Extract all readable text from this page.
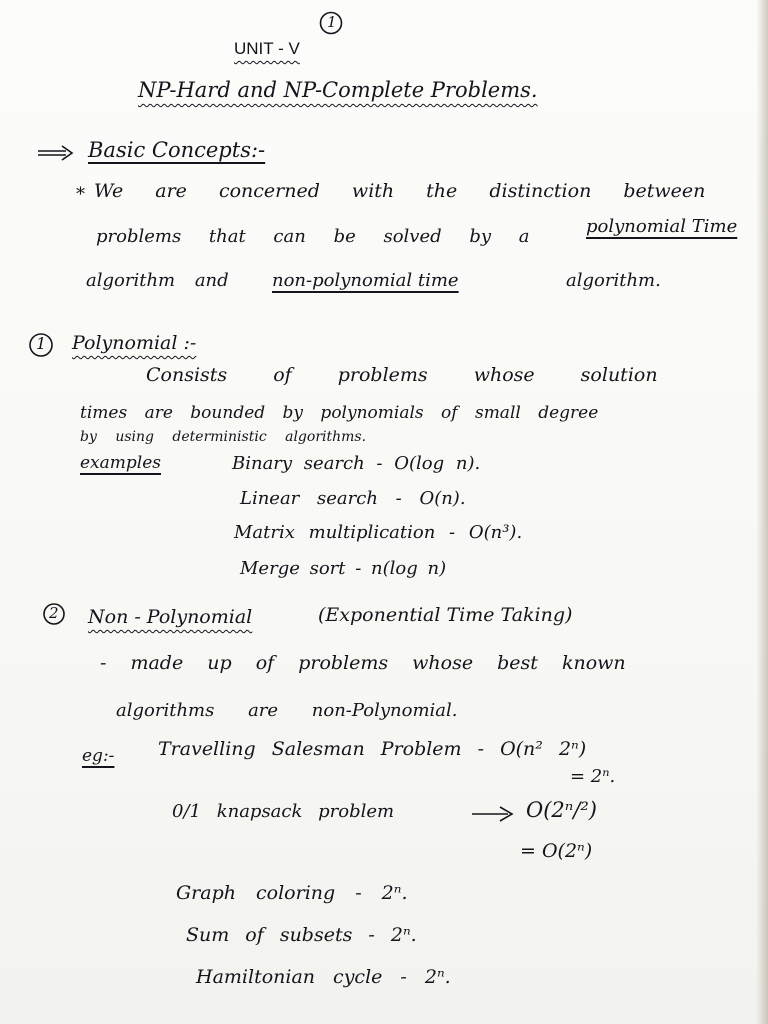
1
UNIT - V
NP-Hard and NP-Complete Problems.
Basic Concepts:-
* We are concerned with the distinction between
problems that can be solved by a	polynomial Time
algorithm and non-polynomial time	algorithm.
1 Polynomial :-
Consists of problems whose solution
times are bounded by polynomials of small degree
by using deterministic algorithms.
examples	Binary search - O(log n).
Linear search - O(n).
Matrix multiplication - O(n³).
Merge sort - n(log n)
2 Non - Polynomial	(Exponential Time Taking)
- made up of problems whose best known
algorithms are non-Polynomial.
eg:- Travelling Salesman Problem - O(n² 2ⁿ)
= 2ⁿ.
0/1 knapsack problem	O(2ⁿ/²)
= O(2ⁿ)
Graph coloring - 2ⁿ.
Sum of subsets - 2ⁿ.
Hamiltonian cycle - 2ⁿ.
